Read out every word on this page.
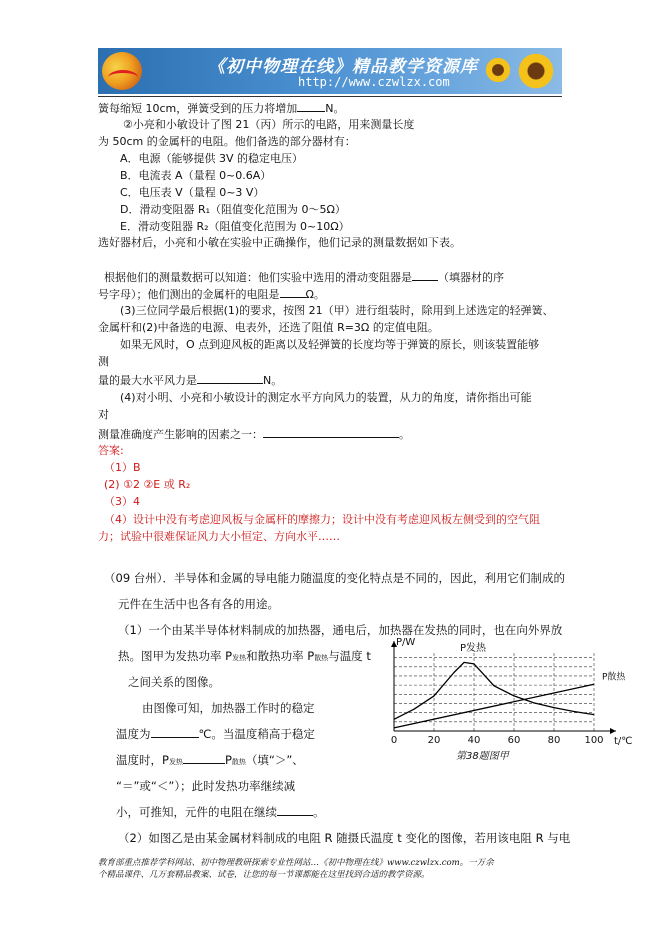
《初中物理在线》精品教学资源库
http://www.czwlzx.com
簧每缩短 10cm，弹簧受到的压力将增加	N。
②小亮和小敏设计了图 21（丙）所示的电路，用来测量长度
为 50cm 的金属杆的电阻。他们备选的部分器材有：
A．电源（能够提供 3V 的稳定电压）
B．电流表 A（量程 0~0.6A）
C．电压表 V（量程 0~3 V）
D．滑动变阻器 R₁（阻值变化范围为 0～5Ω）
E．滑动变阻器 R₂（阻值变化范围为 0~10Ω）
选好器材后，小亮和小敏在实验中正确操作，他们记录的测量数据如下表。
根据他们的测量数据可以知道：他们实验中选用的滑动变阻器是 （填器材的序
号字母）；他们测出的金属杆的电阻是 Ω。
(3)三位同学最后根据(1)的要求，按图 21（甲）进行组装时，除用到上述选定的轻弹簧、
金属杆和(2)中备选的电源、电表外，还选了阻值 R=3Ω 的定值电阻。
如果无风时，O 点到迎风板的距离以及轻弹簧的长度均等于弹簧的原长，则该装置能够
测
量的最大水平风力是	N。
(4)对小明、小亮和小敏设计的测定水平方向风力的装置，从力的角度，请你指出可能
对
测量准确度产生影响的因素之一：	。
答案:
（1）B
(2) ①2 ②E 或 R₂
（3）4
（4）设计中没有考虑迎风板与金属杆的摩擦力；设计中没有考虑迎风板左侧受到的空气阻
力；试验中很难保证风力大小恒定、方向水平……
（09 台州）．半导体和金属的导电能力随温度的变化特点是不同的，因此，利用它们制成的
元件在生活中也各有各的用途。
（1）一个由某半导体材料制成的加热器，通电后，加热器在发热的同时，也在向外界放
热。图甲为发热功率 P发热和散热功率 P散热与温度 t
之间关系的图像。
由图像可知，加热器工作时的稳定
温度为	℃。当温度稍高于稳定
温度时，P发热	P散热（填“＞”、
“＝”或“＜”）；此时发热功率继续减
小，可推知，元件的电阻在继续	。
（2）如图乙是由某金属材料制成的电阻 R 随摄氏温度 t 变化的图像，若用该电阻 R 与电
0	20	40	60	80 100
P/W
t/℃
P发热
P散热
第38题图甲
教育部重点推荐学科网站、初中物理教研探索专业性网站…《初中物理在线》www.czwlzx.com。一万余
个精品课件、几万套精品教案、试卷，让您的每一节课都能在这里找到合适的教学资源。
